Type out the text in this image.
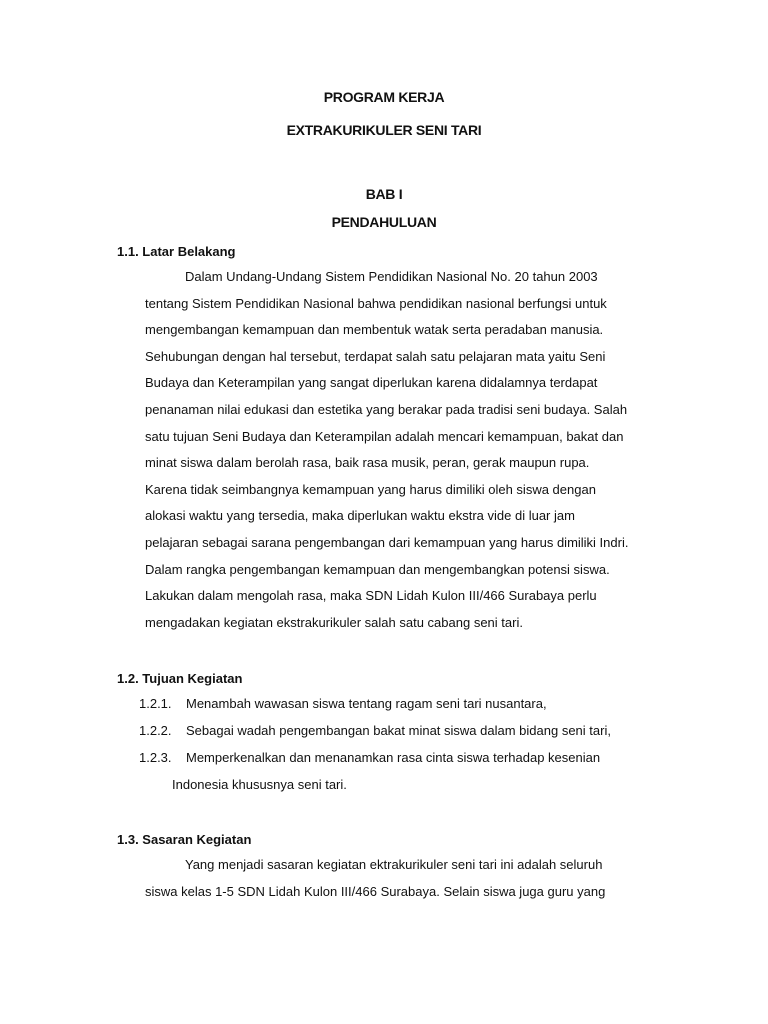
PROGRAM KERJA
EXTRAKURIKULER SENI TARI
BAB I
PENDAHULUAN
1.1. Latar Belakang
Dalam Undang-Undang Sistem Pendidikan Nasional No. 20 tahun 2003
tentang Sistem Pendidikan Nasional bahwa pendidikan nasional berfungsi untuk
mengembangan kemampuan dan membentuk watak serta peradaban manusia.
Sehubungan dengan hal tersebut, terdapat salah satu pelajaran mata yaitu Seni
Budaya dan Keterampilan yang sangat diperlukan karena didalamnya terdapat
penanaman nilai edukasi dan estetika yang berakar pada tradisi seni budaya. Salah
satu tujuan Seni Budaya dan Keterampilan adalah mencari kemampuan, bakat dan
minat siswa dalam berolah rasa, baik rasa musik, peran, gerak maupun rupa.
Karena tidak seimbangnya kemampuan yang harus dimiliki oleh siswa dengan
alokasi waktu yang tersedia, maka diperlukan waktu ekstra vide di luar jam
pelajaran sebagai sarana pengembangan dari kemampuan yang harus dimiliki Indri.
Dalam rangka pengembangan kemampuan dan mengembangkan potensi siswa.
Lakukan dalam mengolah rasa, maka SDN Lidah Kulon III/466 Surabaya perlu
mengadakan kegiatan ekstrakurikuler salah satu cabang seni tari.
1.2. Tujuan Kegiatan
1.2.1. Menambah wawasan siswa tentang ragam seni tari nusantara,
1.2.2. Sebagai wadah pengembangan bakat minat siswa dalam bidang seni tari,
1.2.3. Memperkenalkan dan menanamkan rasa cinta siswa terhadap kesenian
Indonesia khususnya seni tari.
1.3. Sasaran Kegiatan
Yang menjadi sasaran kegiatan ektrakurikuler seni tari ini adalah seluruh
siswa kelas 1-5 SDN Lidah Kulon III/466 Surabaya. Selain siswa juga guru yang
